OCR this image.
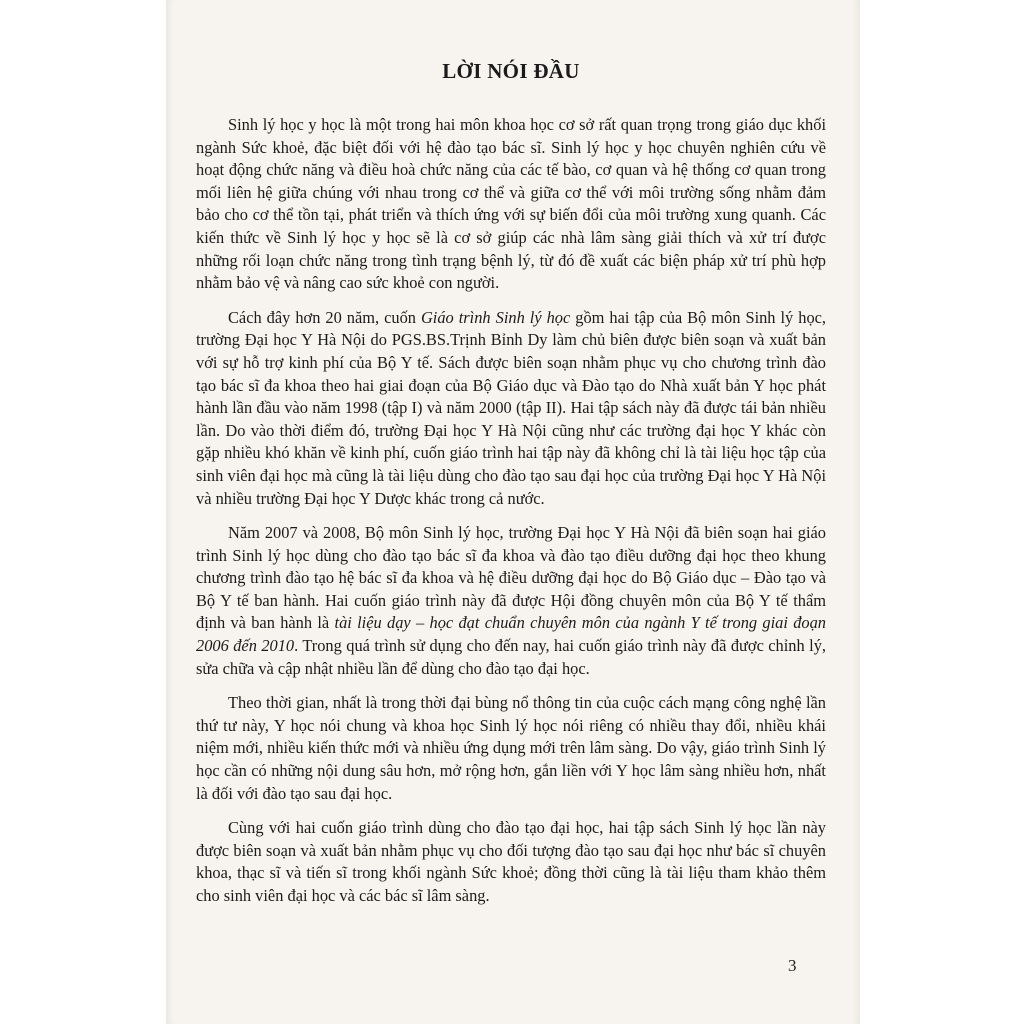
LỜI NÓI ĐẦU

Sinh lý học y học là một trong hai môn khoa học cơ sở rất quan trọng trong giáo dục khối ngành Sức khoẻ, đặc biệt đối với hệ đào tạo bác sĩ. Sinh lý học y học chuyên nghiên cứu về hoạt động chức năng và điều hoà chức năng của các tế bào, cơ quan và hệ thống cơ quan trong mối liên hệ giữa chúng với nhau trong cơ thể và giữa cơ thể với môi trường sống nhằm đảm bảo cho cơ thể tồn tại, phát triển và thích ứng với sự biến đổi của môi trường xung quanh. Các kiến thức về Sinh lý học y học sẽ là cơ sở giúp các nhà lâm sàng giải thích và xử trí được những rối loạn chức năng trong tình trạng bệnh lý, từ đó đề xuất các biện pháp xử trí phù hợp nhằm bảo vệ và nâng cao sức khoẻ con người.

Cách đây hơn 20 năm, cuốn Giáo trình Sinh lý học gồm hai tập của Bộ môn Sinh lý học, trường Đại học Y Hà Nội do PGS.BS.Trịnh Bỉnh Dy làm chủ biên được biên soạn và xuất bản với sự hỗ trợ kinh phí của Bộ Y tế. Sách được biên soạn nhằm phục vụ cho chương trình đào tạo bác sĩ đa khoa theo hai giai đoạn của Bộ Giáo dục và Đào tạo do Nhà xuất bản Y học phát hành lần đầu vào năm 1998 (tập I) và năm 2000 (tập II). Hai tập sách này đã được tái bản nhiều lần. Do vào thời điểm đó, trường Đại học Y Hà Nội cũng như các trường đại học Y khác còn gặp nhiều khó khăn về kinh phí, cuốn giáo trình hai tập này đã không chỉ là tài liệu học tập của sinh viên đại học mà cũng là tài liệu dùng cho đào tạo sau đại học của trường Đại học Y Hà Nội và nhiều trường Đại học Y Dược khác trong cả nước.

Năm 2007 và 2008, Bộ môn Sinh lý học, trường Đại học Y Hà Nội đã biên soạn hai giáo trình Sinh lý học dùng cho đào tạo bác sĩ đa khoa và đào tạo điều dưỡng đại học theo khung chương trình đào tạo hệ bác sĩ đa khoa và hệ điều dưỡng đại học do Bộ Giáo dục – Đào tạo và Bộ Y tế ban hành. Hai cuốn giáo trình này đã được Hội đồng chuyên môn của Bộ Y tế thẩm định và ban hành là tài liệu dạy – học đạt chuẩn chuyên môn của ngành Y tế trong giai đoạn 2006 đến 2010. Trong quá trình sử dụng cho đến nay, hai cuốn giáo trình này đã được chỉnh lý, sửa chữa và cập nhật nhiều lần để dùng cho đào tạo đại học.

Theo thời gian, nhất là trong thời đại bùng nổ thông tin của cuộc cách mạng công nghệ lần thứ tư này, Y học nói chung và khoa học Sinh lý học nói riêng có nhiều thay đổi, nhiều khái niệm mới, nhiều kiến thức mới và nhiều ứng dụng mới trên lâm sàng. Do vậy, giáo trình Sinh lý học cần có những nội dung sâu hơn, mở rộng hơn, gắn liền với Y học lâm sàng nhiều hơn, nhất là đối với đào tạo sau đại học.

Cùng với hai cuốn giáo trình dùng cho đào tạo đại học, hai tập sách Sinh lý học lần này được biên soạn và xuất bản nhằm phục vụ cho đối tượng đào tạo sau đại học như bác sĩ chuyên khoa, thạc sĩ và tiến sĩ trong khối ngành Sức khoẻ; đồng thời cũng là tài liệu tham khảo thêm cho sinh viên đại học và các bác sĩ lâm sàng.

3
